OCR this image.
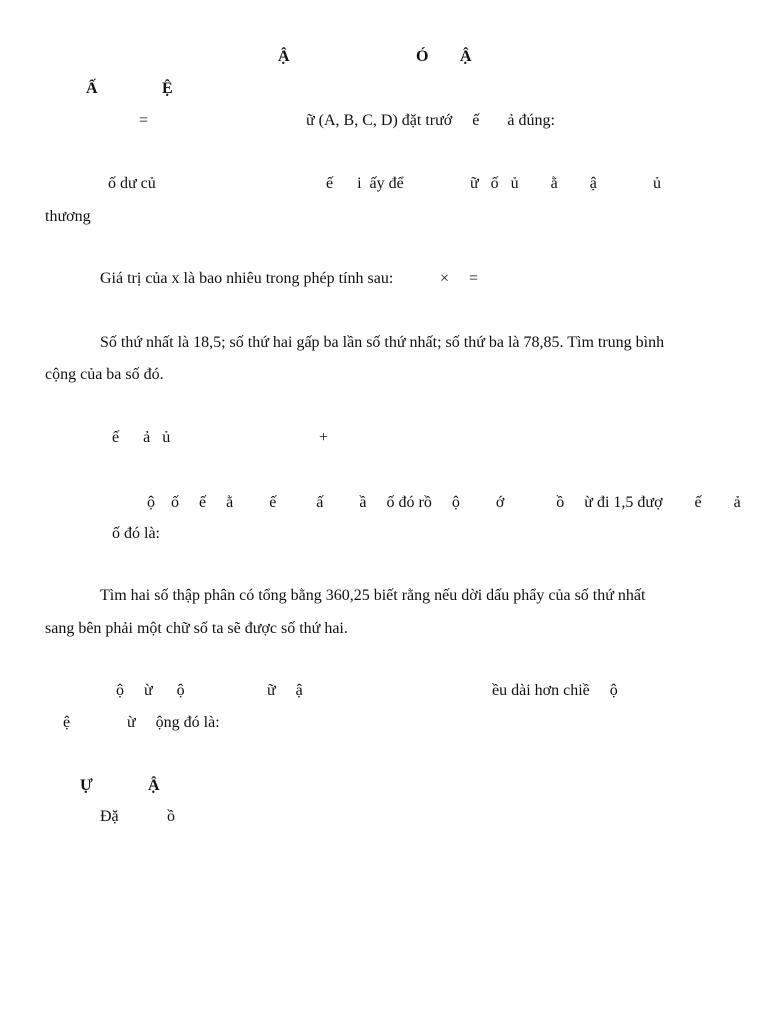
Ậ	Ó Ậ
Ấ	Ệ
=	ữ (A, B, C, D) đặt trướ     ế       ả đúng:
ố dư củ	ế      i  ấy để	ữ   ố   ủ        ằ        ậ	ủ
thương
Giá trị của x là bao nhiêu trong phép tính sau:	×     =
Số thứ nhất là 18,5; số thứ hai gấp ba lần số thứ nhất; số thứ ba là 78,85. Tìm trung bình
cộng của ba số đó.
ế      ả   ủ	+
ộ    ố     ế     ằ         ế          ấ         ầ     ố đó rồ     ộ         ớ             ồ     ừ đi 1,5 đượ        ế        ả
ố đó là:
Tìm hai số thập phân có tổng bằng 360,25 biết rằng nếu dời dấu phẩy của số thứ nhất
sang bên phải một chữ số ta sẽ được số thứ hai.
ộ     ừ      ộ	ữ     ậ	ều dài hơn chiề     ộ
ệ	ừ     ộng đó là:
Ự	Ậ
Đặ	ồ
